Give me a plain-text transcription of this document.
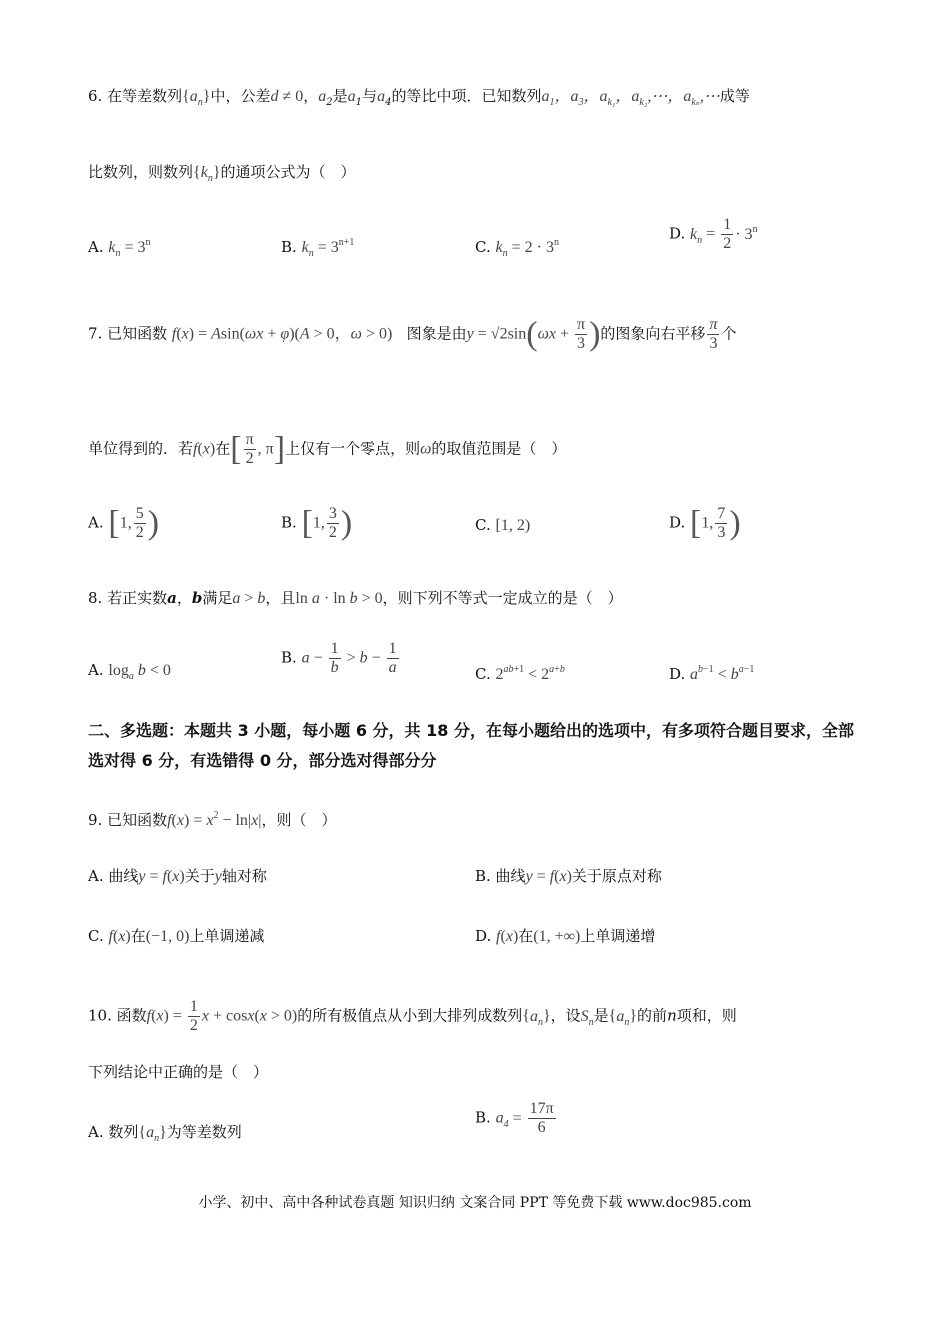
6. 在等差数列$\{a_n\}$中，公差d ≠ 0，$a_2$是$a_1$与$a_4$的等比中项．已知数列$a_1$，$a_3$，$a_{k_1}$，$a_{k_2},\cdots$，$a_{k_n},\cdots$成等
比数列，则数列$\{k_n\}$的通项公式为（　）
A. $k_n = 3^n$	B. $k_n = 3^{n+1}$	C. $k_n = 2 \cdot 3^n$	D. $k_n = \frac{1}{2} \cdot 3^n$
7. 已知函数 f(x) = Asin(ωx + φ)(A > 0，ω > 0) 图象是由$y = √2\sin(\omega x + \frac{\pi}{3}$ )的图象向右平移 $\frac{\pi}{3}$ 个
单位得到的．若f(x)在[ $\frac{\pi}{2}$ , π]上仅有一个零点，则ω的取值范围是（　）
A. [1, $\frac{5}{2}$ )	B. [1, $\frac{3}{2}$ )	C. [1, 2)	D. [1, $\frac{7}{3}$ )
8. 若正实数a，b满足a > b，且ln a · ln b > 0，则下列不等式一定成立的是（　）
A. $\log_a b < 0$
B. $a - \frac{1}{b} > b - \frac{1}{a}$	C. $2^{ab+1} < 2^{a+b}$	D. $a^{b-1} < b^{a-1}$
二、多选题：本题共 3 小题，每小题 6 分，共 18 分，在每小题给出的选项中，有多项符合题目要求，全部选对得 6 分，有选错得 0 分，部分选对得部分分
9. 已知函数$f(x) = x^2 - \ln|x|$，则（　）
A. 曲线y = f(x)关于y轴对称	B. 曲线y = f(x)关于原点对称
C. f(x)在(−1, 0)上单调递减	D. f(x)在(1, +∞)上单调递增
10. 函数$f(x) = \frac{1}{2}$ x + cosx(x > 0)的所有极值点从小到大排列成数列$\{a_n\}$，设$S_n$是$\{a_n\}$的前n项和，则
下列结论中正确的是（　）
A. 数列$\{a_n\}$为等差数列
B. $a_4 = \frac{17\pi}{6}$
小学、初中、高中各种试卷真题 知识归纳 文案合同 PPT 等免费下载 www.doc985.com
